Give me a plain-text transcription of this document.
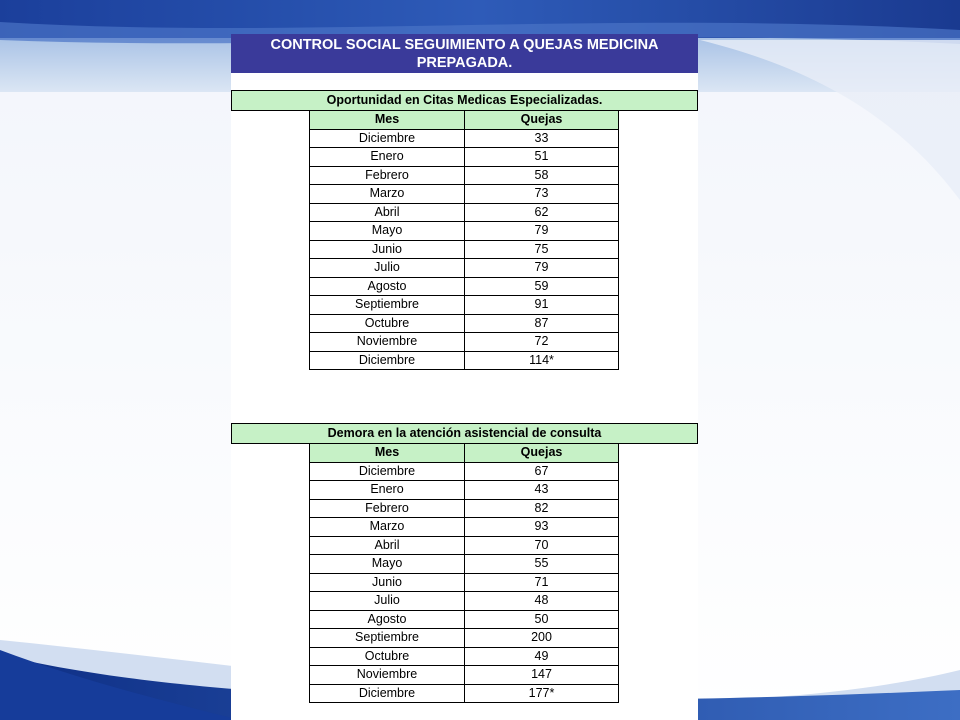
CONTROL SOCIAL SEGUIMIENTO A QUEJAS MEDICINA PREPAGADA.
Oportunidad en Citas Medicas Especializadas.
Mes	Quejas
Diciembre	33
Enero	51
Febrero	58
Marzo	73
Abril	62
Mayo	79
Junio	75
Julio	79
Agosto	59
Septiembre	91
Octubre	87
Noviembre	72
Diciembre	114*
Demora en la atención asistencial de consulta
Mes	Quejas
Diciembre	67
Enero	43
Febrero	82
Marzo	93
Abril	70
Mayo	55
Junio	71
Julio	48
Agosto	50
Septiembre	200
Octubre	49
Noviembre	147
Diciembre	177*
